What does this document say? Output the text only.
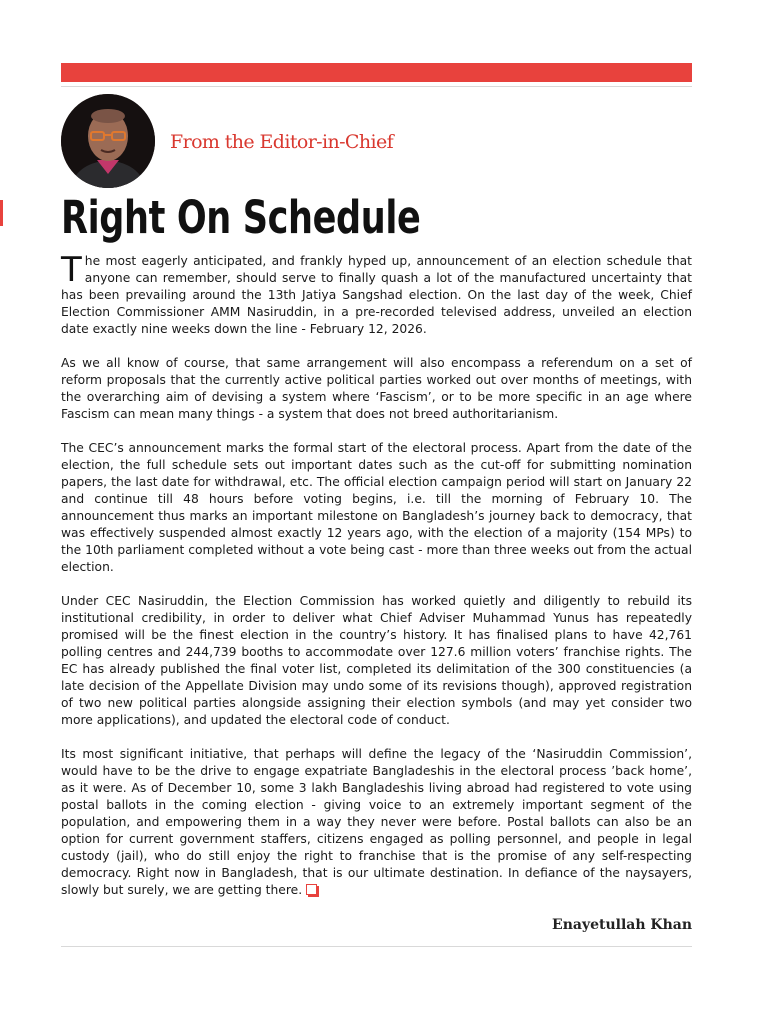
From the Editor-in-Chief
Right On Schedule

The most eagerly anticipated, and frankly hyped up, announcement of an election schedule that anyone can remember, should serve to finally quash a lot of the manufactured uncertainty that has been prevailing around the 13th Jatiya Sangshad election. On the last day of the week, Chief Election Commissioner AMM Nasiruddin, in a pre-recorded televised address, unveiled an election date exactly nine weeks down the line - February 12, 2026.

As we all know of course, that same arrangement will also encompass a referendum on a set of reform proposals that the currently active political parties worked out over months of meetings, with the overarching aim of devising a system where ‘Fascism’, or to be more specific in an age where Fascism can mean many things - a system that does not breed authoritarianism.

The CEC’s announcement marks the formal start of the electoral process. Apart from the date of the election, the full schedule sets out important dates such as the cut-off for submitting nomination papers, the last date for withdrawal, etc. The official election campaign period will start on January 22 and continue till 48 hours before voting begins, i.e. till the morning of February 10. The announcement thus marks an important milestone on Bangladesh’s journey back to democracy, that was effectively suspended almost exactly 12 years ago, with the election of a majority (154 MPs) to the 10th parliament completed without a vote being cast - more than three weeks out from the actual election.

Under CEC Nasiruddin, the Election Commission has worked quietly and diligently to rebuild its institutional credibility, in order to deliver what Chief Adviser Muhammad Yunus has repeatedly promised will be the finest election in the country’s history. It has finalised plans to have 42,761 polling centres and 244,739 booths to accommodate over 127.6 million voters’ franchise rights. The EC has already published the final voter list, completed its delimitation of the 300 constituencies (a late decision of the Appellate Division may undo some of its revisions though), approved registration of two new political parties alongside assigning their election symbols (and may yet consider two more applications), and updated the electoral code of conduct.

Its most significant initiative, that perhaps will define the legacy of the ‘Nasiruddin Commission’, would have to be the drive to engage expatriate Bangladeshis in the electoral process ’back home’, as it were. As of December 10, some 3 lakh Bangladeshis living abroad had registered to vote using postal ballots in the coming election - giving voice to an extremely important segment of the population, and empowering them in a way they never were before. Postal ballots can also be an option for current government staffers, citizens engaged as polling personnel, and people in legal custody (jail), who do still enjoy the right to franchise that is the promise of any self-respecting democracy. Right now in Bangladesh, that is our ultimate destination. In defiance of the naysayers, slowly but surely, we are getting there.

Enayetullah Khan
